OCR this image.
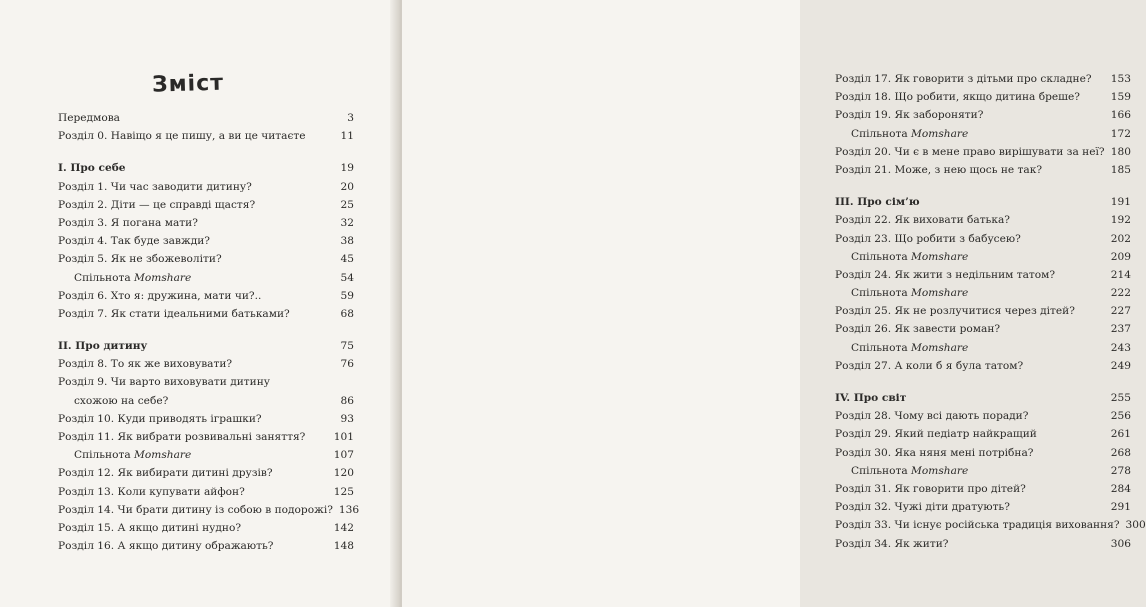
Зміст
Передмова	3
Розділ 0. Навіщо я це пишу, а ви це читаєте	11
I. Про себе	19
Розділ 1. Чи час заводити дитину?	20
Розділ 2. Діти — це справді щастя?	25
Розділ 3. Я погана мати?	32
Розділ 4. Так буде завжди?	38
Розділ 5. Як не збожеволіти?	45
Спільнота Momshare	54
Розділ 6. Хто я: дружина, мати чи?..	59
Розділ 7. Як стати ідеальними батьками?	68
II. Про дитину	75
Розділ 8. То як же виховувати?	76
Розділ 9. Чи варто виховувати дитину
схожою на себе?	86
Розділ 10. Куди приводять іграшки?	93
Розділ 11. Як вибрати розвивальні заняття?	101
Спільнота Momshare	107
Розділ 12. Як вибирати дитині друзів?	120
Розділ 13. Коли купувати айфон?	125
Розділ 14. Чи брати дитину із собою в подорожі? 136
Розділ 15. А якщо дитині нудно?	142
Розділ 16. А якщо дитину ображають?	148
Розділ 17. Як говорити з дітьми про складне?	153
Розділ 18. Що робити, якщо дитина бреше?	159
Розділ 19. Як забороняти?	166
Спільнота Momshare	172
Розділ 20. Чи є в мене право вирішувати за неї? 180
Розділ 21. Може, з нею щось не так?	185
III. Про сім’ю	191
Розділ 22. Як виховати батька?	192
Розділ 23. Що робити з бабусею?	202
Спільнота Momshare	209
Розділ 24. Як жити з недільним татом?	214
Спільнота Momshare	222
Розділ 25. Як не розлучитися через дітей?	227
Розділ 26. Як завести роман?	237
Спільнота Momshare	243
Розділ 27. А коли б я була татом?	249
IV. Про світ	255
Розділ 28. Чому всі дають поради?	256
Розділ 29. Який педіатр найкращий	261
Розділ 30. Яка няня мені потрібна?	268
Спільнота Momshare	278
Розділ 31. Як говорити про дітей?	284
Розділ 32. Чужі діти дратують?	291
Розділ 33. Чи існує російська традиція виховання? 300
Розділ 34. Як жити?	306
